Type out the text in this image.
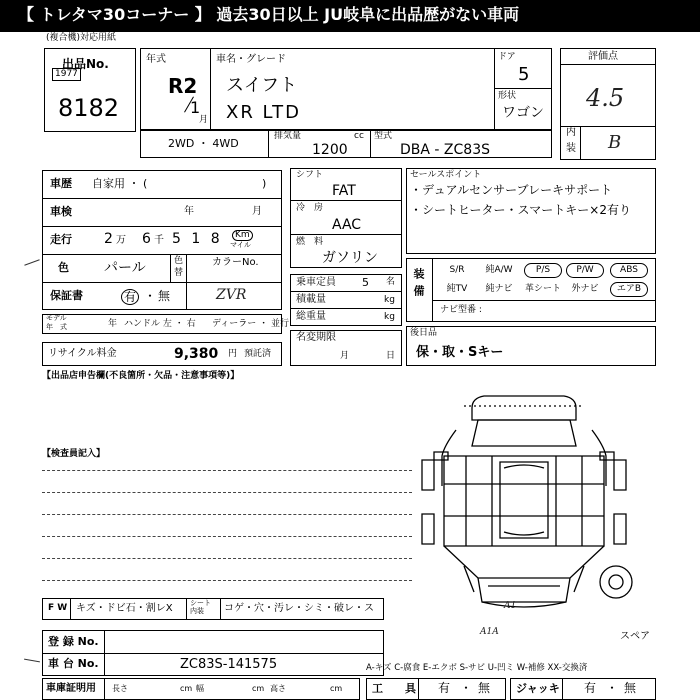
【 トレタマ30コーナー 】 過去30日以上 JU岐阜に出品歴がない車両
(複合機)対応用紙
出品No.
1977
8182
年式
R2
1
月
車名・グレード
スイフト
XR LTD
ドア
5
形状
ワゴン
2WD ・ 4WD
排気量	cc
1200
型式
DBA - ZC83S
評価点
4.5
内
装 B
車歴 自家用 ・ (	)
車検	年	月
走行 2 万 6 千 5 1 8	Km
マイル
色	パール	色
替
カラーNo.
ZVR
保証書	有 ・ 無
モデル
年　式	年 ハンドル 左 ・ 右 ディーラー ・ 並行
リサイクル料金	9,380 円 預託済
シフト
FAT
冷　房
AAC
燃　料
ガソリン
乗車定員 5 名
積載量	kg
総重量	kg
名変期限
月	日
セールスポイント
・デュアルセンサーブレーキサポート
・シートヒーター・スマートキー×2有り
装備	S/R	純A/W	P/S	P/W	ABS
純TV	純ナビ	革シート	外ナビ	エアB
ナビ型番 :
後日品
保・取・Sキー
【出品店申告欄(不良箇所・欠品・注意事項等)】
【検査員記入】
A1
スペア
A1A
F W キズ・ドビ石・割レX シート内装	コゲ・穴・汚レ・シミ・破レ・ス
登 録 No.
車 台 No.	ZC83S-141575
車庫証明用 長さ	cm 幅	cm 高さ	cm
A-キズ C-腐食 E-エクボ S-サビ U-凹ミ W-補修 XX-交換済
工　　具 有 ・ 無 ジャッキ 有 ・ 無
